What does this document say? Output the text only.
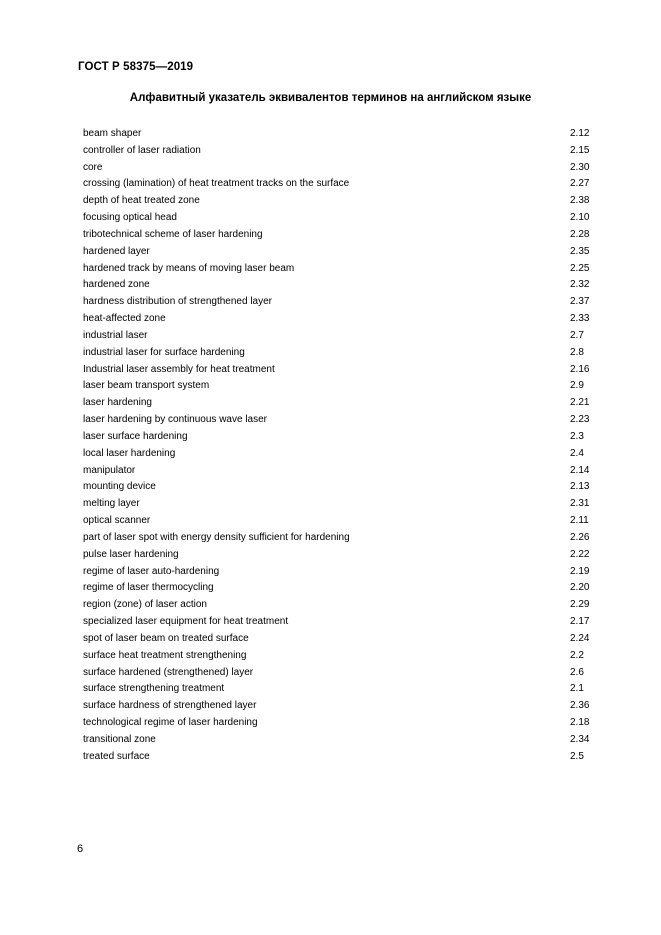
ГОСТ Р 58375—2019
Алфавитный указатель эквивалентов терминов на английском языке
beam shaper	2.12
controller of laser radiation	2.15
core	2.30
crossing (lamination) of heat treatment tracks on the surface	2.27
depth of heat treated zone	2.38
focusing optical head	2.10
tribotechnical scheme of laser hardening	2.28
hardened layer	2.35
hardened track by means of moving laser beam	2.25
hardened zone	2.32
hardness distribution of strengthened layer	2.37
heat-affected zone	2.33
industrial laser	2.7
industrial laser for surface hardening	2.8
Industrial laser assembly for heat treatment	2.16
laser beam transport system	2.9
laser hardening	2.21
laser hardening by continuous wave laser	2.23
laser surface hardening	2.3
local laser hardening	2.4
manipulator	2.14
mounting device	2.13
melting layer	2.31
optical scanner	2.11
part of laser spot with energy density sufficient for hardening	2.26
pulse laser hardening	2.22
regime of laser auto-hardening	2.19
regime of laser thermocycling	2.20
region (zone) of laser action	2.29
specialized laser equipment for heat treatment	2.17
spot of laser beam on treated surface	2.24
surface heat treatment strengthening	2.2
surface hardened (strengthened) layer	2.6
surface strengthening treatment	2.1
surface hardness of strengthened layer	2.36
technological regime of laser hardening	2.18
transitional zone	2.34
treated surface	2.5
6
